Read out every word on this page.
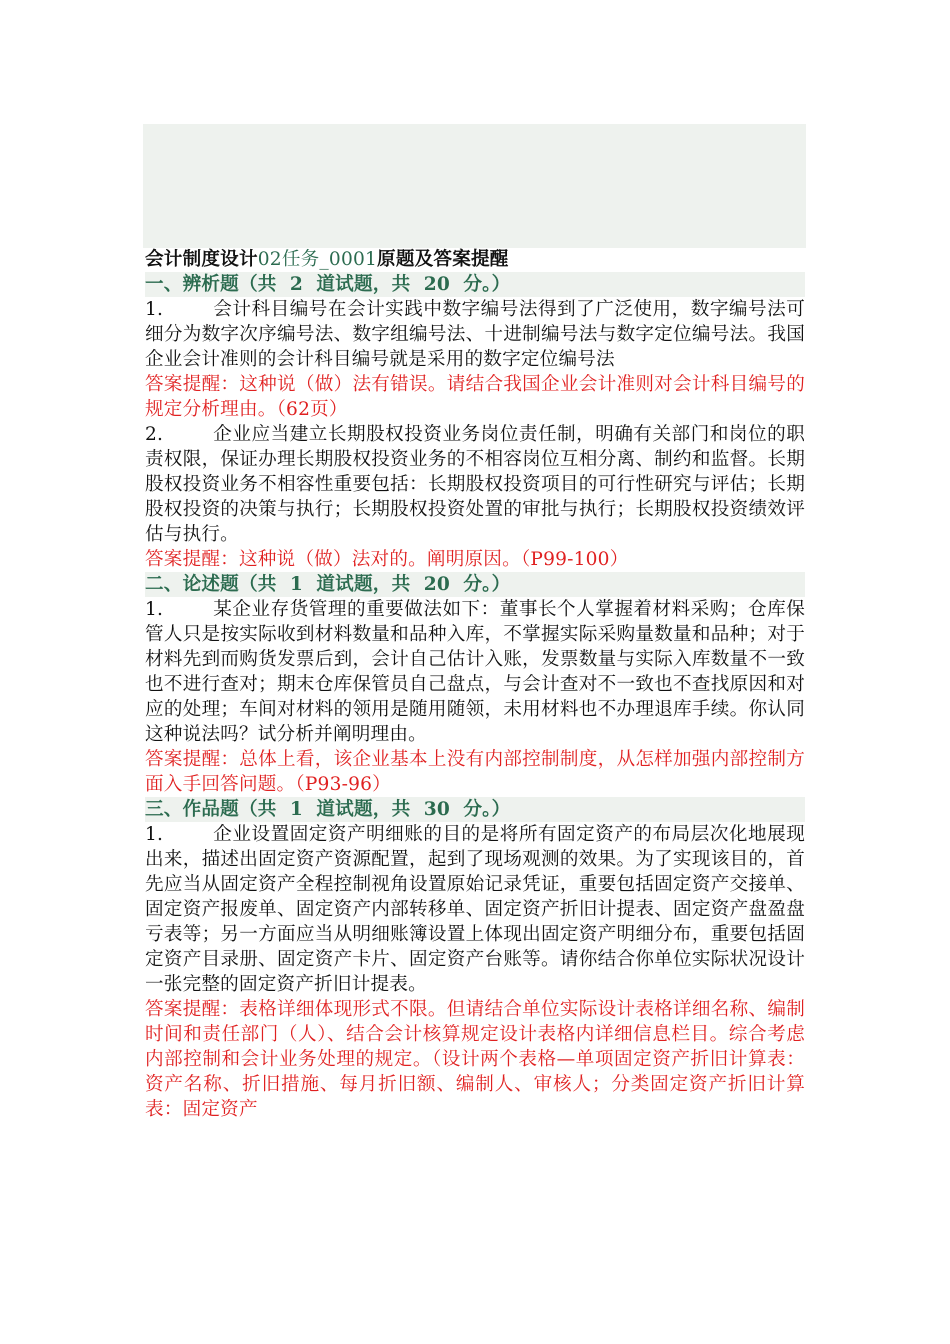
会计制度设计02任务_0001原题及答案提醒
一、辨析题（共  2  道试题，共  20  分。）
1.	会计科目编号在会计实践中数字编号法得到了广泛使用，数字编号法可细分为数字次序编号法、数字组编号法、十进制编号法与数字定位编号法。我国企业会计准则的会计科目编号就是采用的数字定位编号法
答案提醒：这种说（做）法有错误。请结合我国企业会计准则对会计科目编号的规定分析理由。（62页）
2.	企业应当建立长期股权投资业务岗位责任制，明确有关部门和岗位的职责权限，保证办理长期股权投资业务的不相容岗位互相分离、制约和监督。长期股权投资业务不相容性重要包括：长期股权投资项目的可行性研究与评估；长期股权投资的决策与执行；长期股权投资处置的审批与执行；长期股权投资绩效评估与执行。
答案提醒：这种说（做）法对的。阐明原因。（P99-100）
二、论述题（共  1  道试题，共  20  分。）
1.	某企业存货管理的重要做法如下：董事长个人掌握着材料采购；仓库保管人只是按实际收到材料数量和品种入库，不掌握实际采购量数量和品种；对于材料先到而购货发票后到，会计自己估计入账，发票数量与实际入库数量不一致也不进行查对；期末仓库保管员自己盘点，与会计查对不一致也不查找原因和对应的处理；车间对材料的领用是随用随领，未用材料也不办理退库手续。你认同这种说法吗？试分析并阐明理由。
答案提醒：总体上看，该企业基本上没有内部控制制度，从怎样加强内部控制方面入手回答问题。（P93-96）
三、作品题（共  1  道试题，共  30  分。）
1.	企业设置固定资产明细账的目的是将所有固定资产的布局层次化地展现出来，描述出固定资产资源配置，起到了现场观测的效果。为了实现该目的，首先应当从固定资产全程控制视角设置原始记录凭证，重要包括固定资产交接单、固定资产报废单、固定资产内部转移单、固定资产折旧计提表、固定资产盘盈盘亏表等；另一方面应当从明细账簿设置上体现出固定资产明细分布，重要包括固定资产目录册、固定资产卡片、固定资产台账等。请你结合你单位实际状况设计一张完整的固定资产折旧计提表。
答案提醒：表格详细体现形式不限。但请结合单位实际设计表格详细名称、编制时间和责任部门（人）、结合会计核算规定设计表格内详细信息栏目。综合考虑内部控制和会计业务处理的规定。（设计两个表格—单项固定资产折旧计算表：资产名称、折旧措施、每月折旧额、编制人、审核人；分类固定资产折旧计算表：固定资产
